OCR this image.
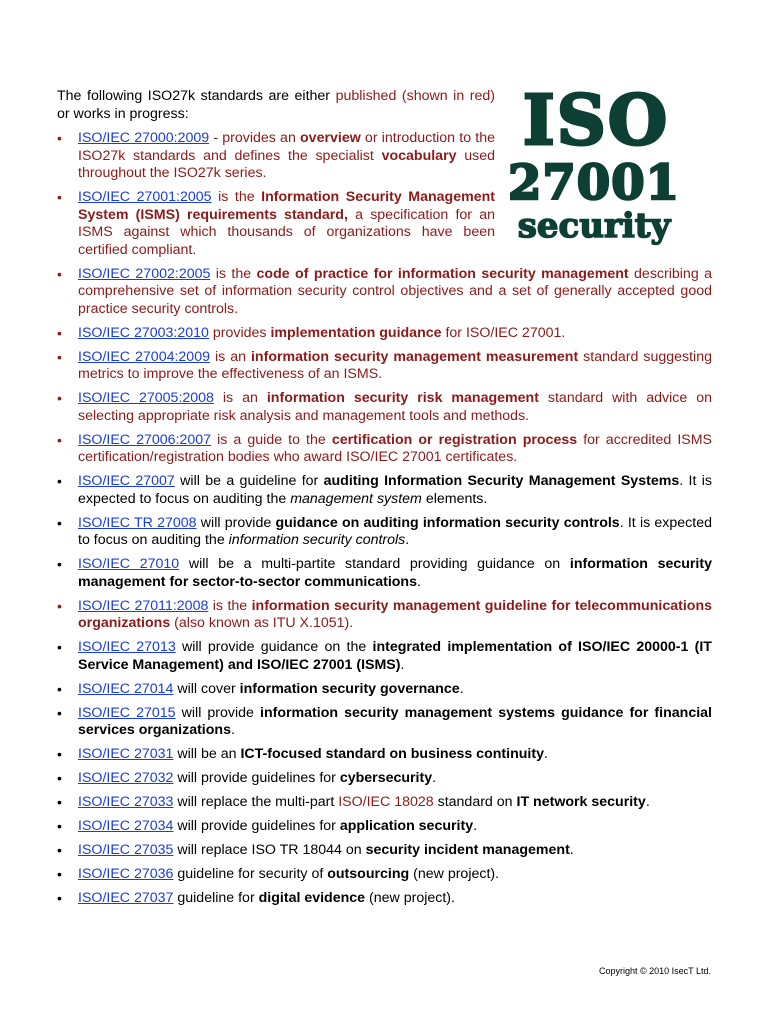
The following ISO27k standards are either published (shown in red) or works in progress:	ISO
27001
security
•	ISO/IEC 27000:2009 - provides an overview or introduction to the ISO27k standards and defines the specialist vocabulary used throughout the ISO27k series.
•	ISO/IEC 27001:2005 is the Information Security Management System (ISMS) requirements standard, a specification for an ISMS against which thousands of organizations have been certified compliant.
•	ISO/IEC 27002:2005 is the code of practice for information security management describing a comprehensive set of information security control objectives and a set of generally accepted good practice security controls.
•	ISO/IEC 27003:2010 provides implementation guidance for ISO/IEC 27001.
•	ISO/IEC 27004:2009 is an information security management measurement standard suggesting metrics to improve the effectiveness of an ISMS.
•	ISO/IEC 27005:2008 is an information security risk management standard with advice on selecting appropriate risk analysis and management tools and methods.
•	ISO/IEC 27006:2007 is a guide to the certification or registration process for accredited ISMS certification/registration bodies who award ISO/IEC 27001 certificates.
•	ISO/IEC 27007 will be a guideline for auditing Information Security Management Systems. It is expected to focus on auditing the management system elements.
•	ISO/IEC TR 27008 will provide guidance on auditing information security controls. It is expected to focus on auditing the information security controls.
•	ISO/IEC 27010 will be a multi-partite standard providing guidance on information security management for sector-to-sector communications.
•	ISO/IEC 27011:2008 is the information security management guideline for telecommunications organizations (also known as ITU X.1051).
•	ISO/IEC 27013 will provide guidance on the integrated implementation of ISO/IEC 20000-1 (IT Service Management) and ISO/IEC 27001 (ISMS).
•	ISO/IEC 27014 will cover information security governance.
•	ISO/IEC 27015 will provide information security management systems guidance for financial services organizations.
•	ISO/IEC 27031 will be an ICT-focused standard on business continuity.
•	ISO/IEC 27032 will provide guidelines for cybersecurity.
•	ISO/IEC 27033 will replace the multi-part ISO/IEC 18028 standard on IT network security.
•	ISO/IEC 27034 will provide guidelines for application security.
•	ISO/IEC 27035 will replace ISO TR 18044 on security incident management.
•	ISO/IEC 27036 guideline for security of outsourcing (new project).
•	ISO/IEC 27037 guideline for digital evidence (new project).
Copyright © 2010 IsecT Ltd.
